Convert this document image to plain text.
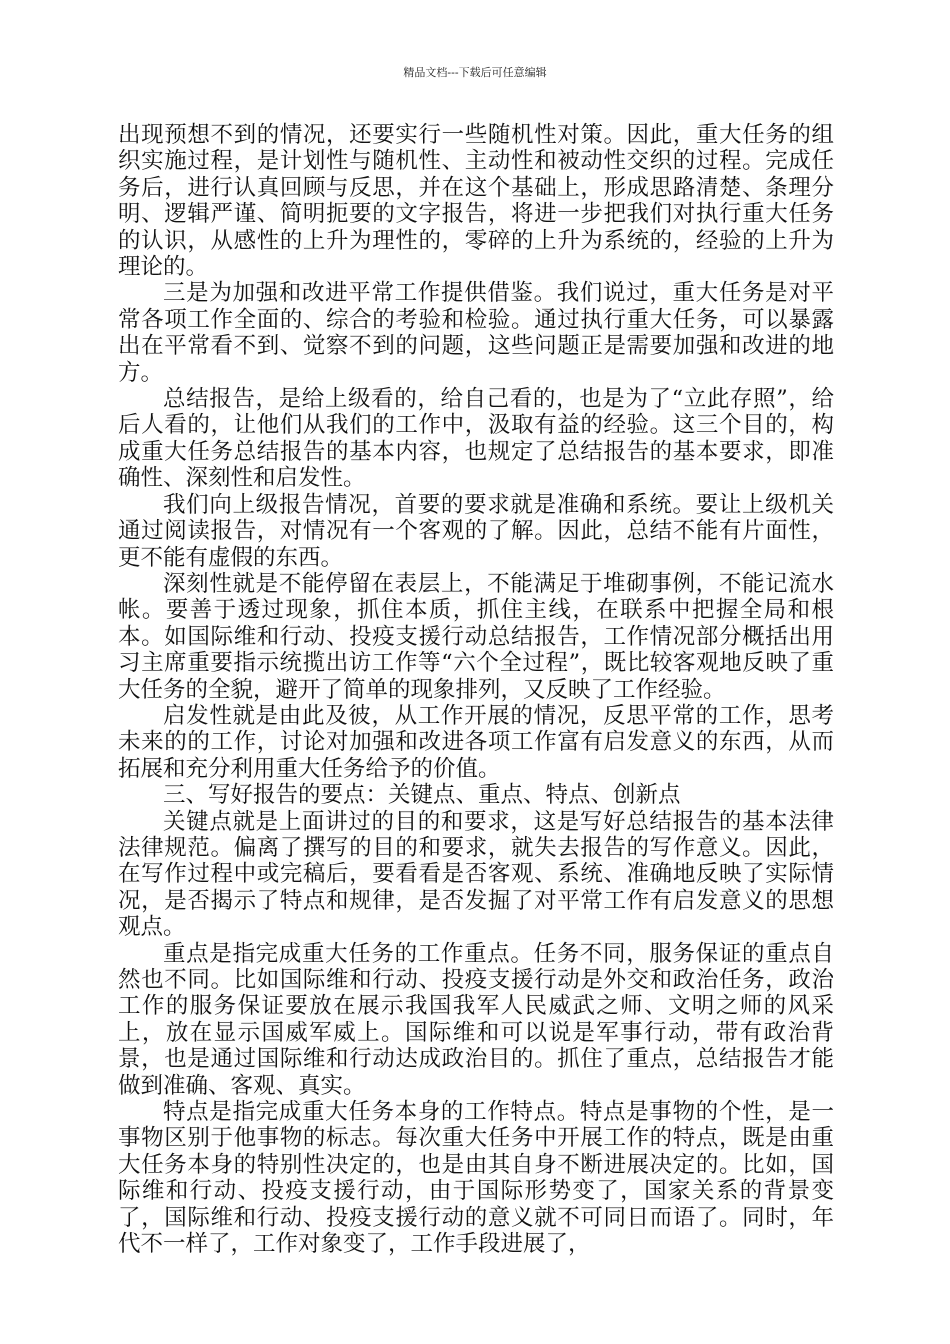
精品文档---下载后可任意编辑

出现预想不到的情况，还要实行一些随机性对策。因此，重大任务的组织实施过程，是计划性与随机性、主动性和被动性交织的过程。完成任务后，进行认真回顾与反思，并在这个基础上，形成思路清楚、条理分明、逻辑严谨、简明扼要的文字报告，将进一步把我们对执行重大任务的认识，从感性的上升为理性的，零碎的上升为系统的，经验的上升为理论的。

三是为加强和改进平常工作提供借鉴。我们说过，重大任务是对平常各项工作全面的、综合的考验和检验。通过执行重大任务，可以暴露出在平常看不到、觉察不到的问题，这些问题正是需要加强和改进的地方。

总结报告，是给上级看的，给自己看的，也是为了“立此存照”，给后人看的，让他们从我们的工作中，汲取有益的经验。这三个目的，构成重大任务总结报告的基本内容，也规定了总结报告的基本要求，即准确性、深刻性和启发性。

我们向上级报告情况，首要的要求就是准确和系统。要让上级机关通过阅读报告，对情况有一个客观的了解。因此，总结不能有片面性，更不能有虚假的东西。

深刻性就是不能停留在表层上，不能满足于堆砌事例，不能记流水帐。要善于透过现象，抓住本质，抓住主线，在联系中把握全局和根本。如国际维和行动、投疫支援行动总结报告，工作情况部分概括出用习主席重要指示统揽出访工作等“六个全过程”，既比较客观地反映了重大任务的全貌，避开了简单的现象排列，又反映了工作经验。

启发性就是由此及彼，从工作开展的情况，反思平常的工作，思考未来的的工作，讨论对加强和改进各项工作富有启发意义的东西，从而拓展和充分利用重大任务给予的价值。

三、写好报告的要点：关键点、重点、特点、创新点

关键点就是上面讲过的目的和要求，这是写好总结报告的基本法律法律规范。偏离了撰写的目的和要求，就失去报告的写作意义。因此，在写作过程中或完稿后，要看看是否客观、系统、准确地反映了实际情况，是否揭示了特点和规律，是否发掘了对平常工作有启发意义的思想观点。

重点是指完成重大任务的工作重点。任务不同，服务保证的重点自然也不同。比如国际维和行动、投疫支援行动是外交和政治任务，政治工作的服务保证要放在展示我国我军人民威武之师、文明之师的风采上，放在显示国威军威上。国际维和可以说是军事行动，带有政治背景，也是通过国际维和行动达成政治目的。抓住了重点，总结报告才能做到准确、客观、真实。

特点是指完成重大任务本身的工作特点。特点是事物的个性，是一事物区别于他事物的标志。每次重大任务中开展工作的特点，既是由重大任务本身的特别性决定的，也是由其自身不断进展决定的。比如，国际维和行动、投疫支援行动，由于国际形势变了，国家关系的背景变了，国际维和行动、投疫支援行动的意义就不可同日而语了。同时，年代不一样了，工作对象变了，工作手段进展了，
